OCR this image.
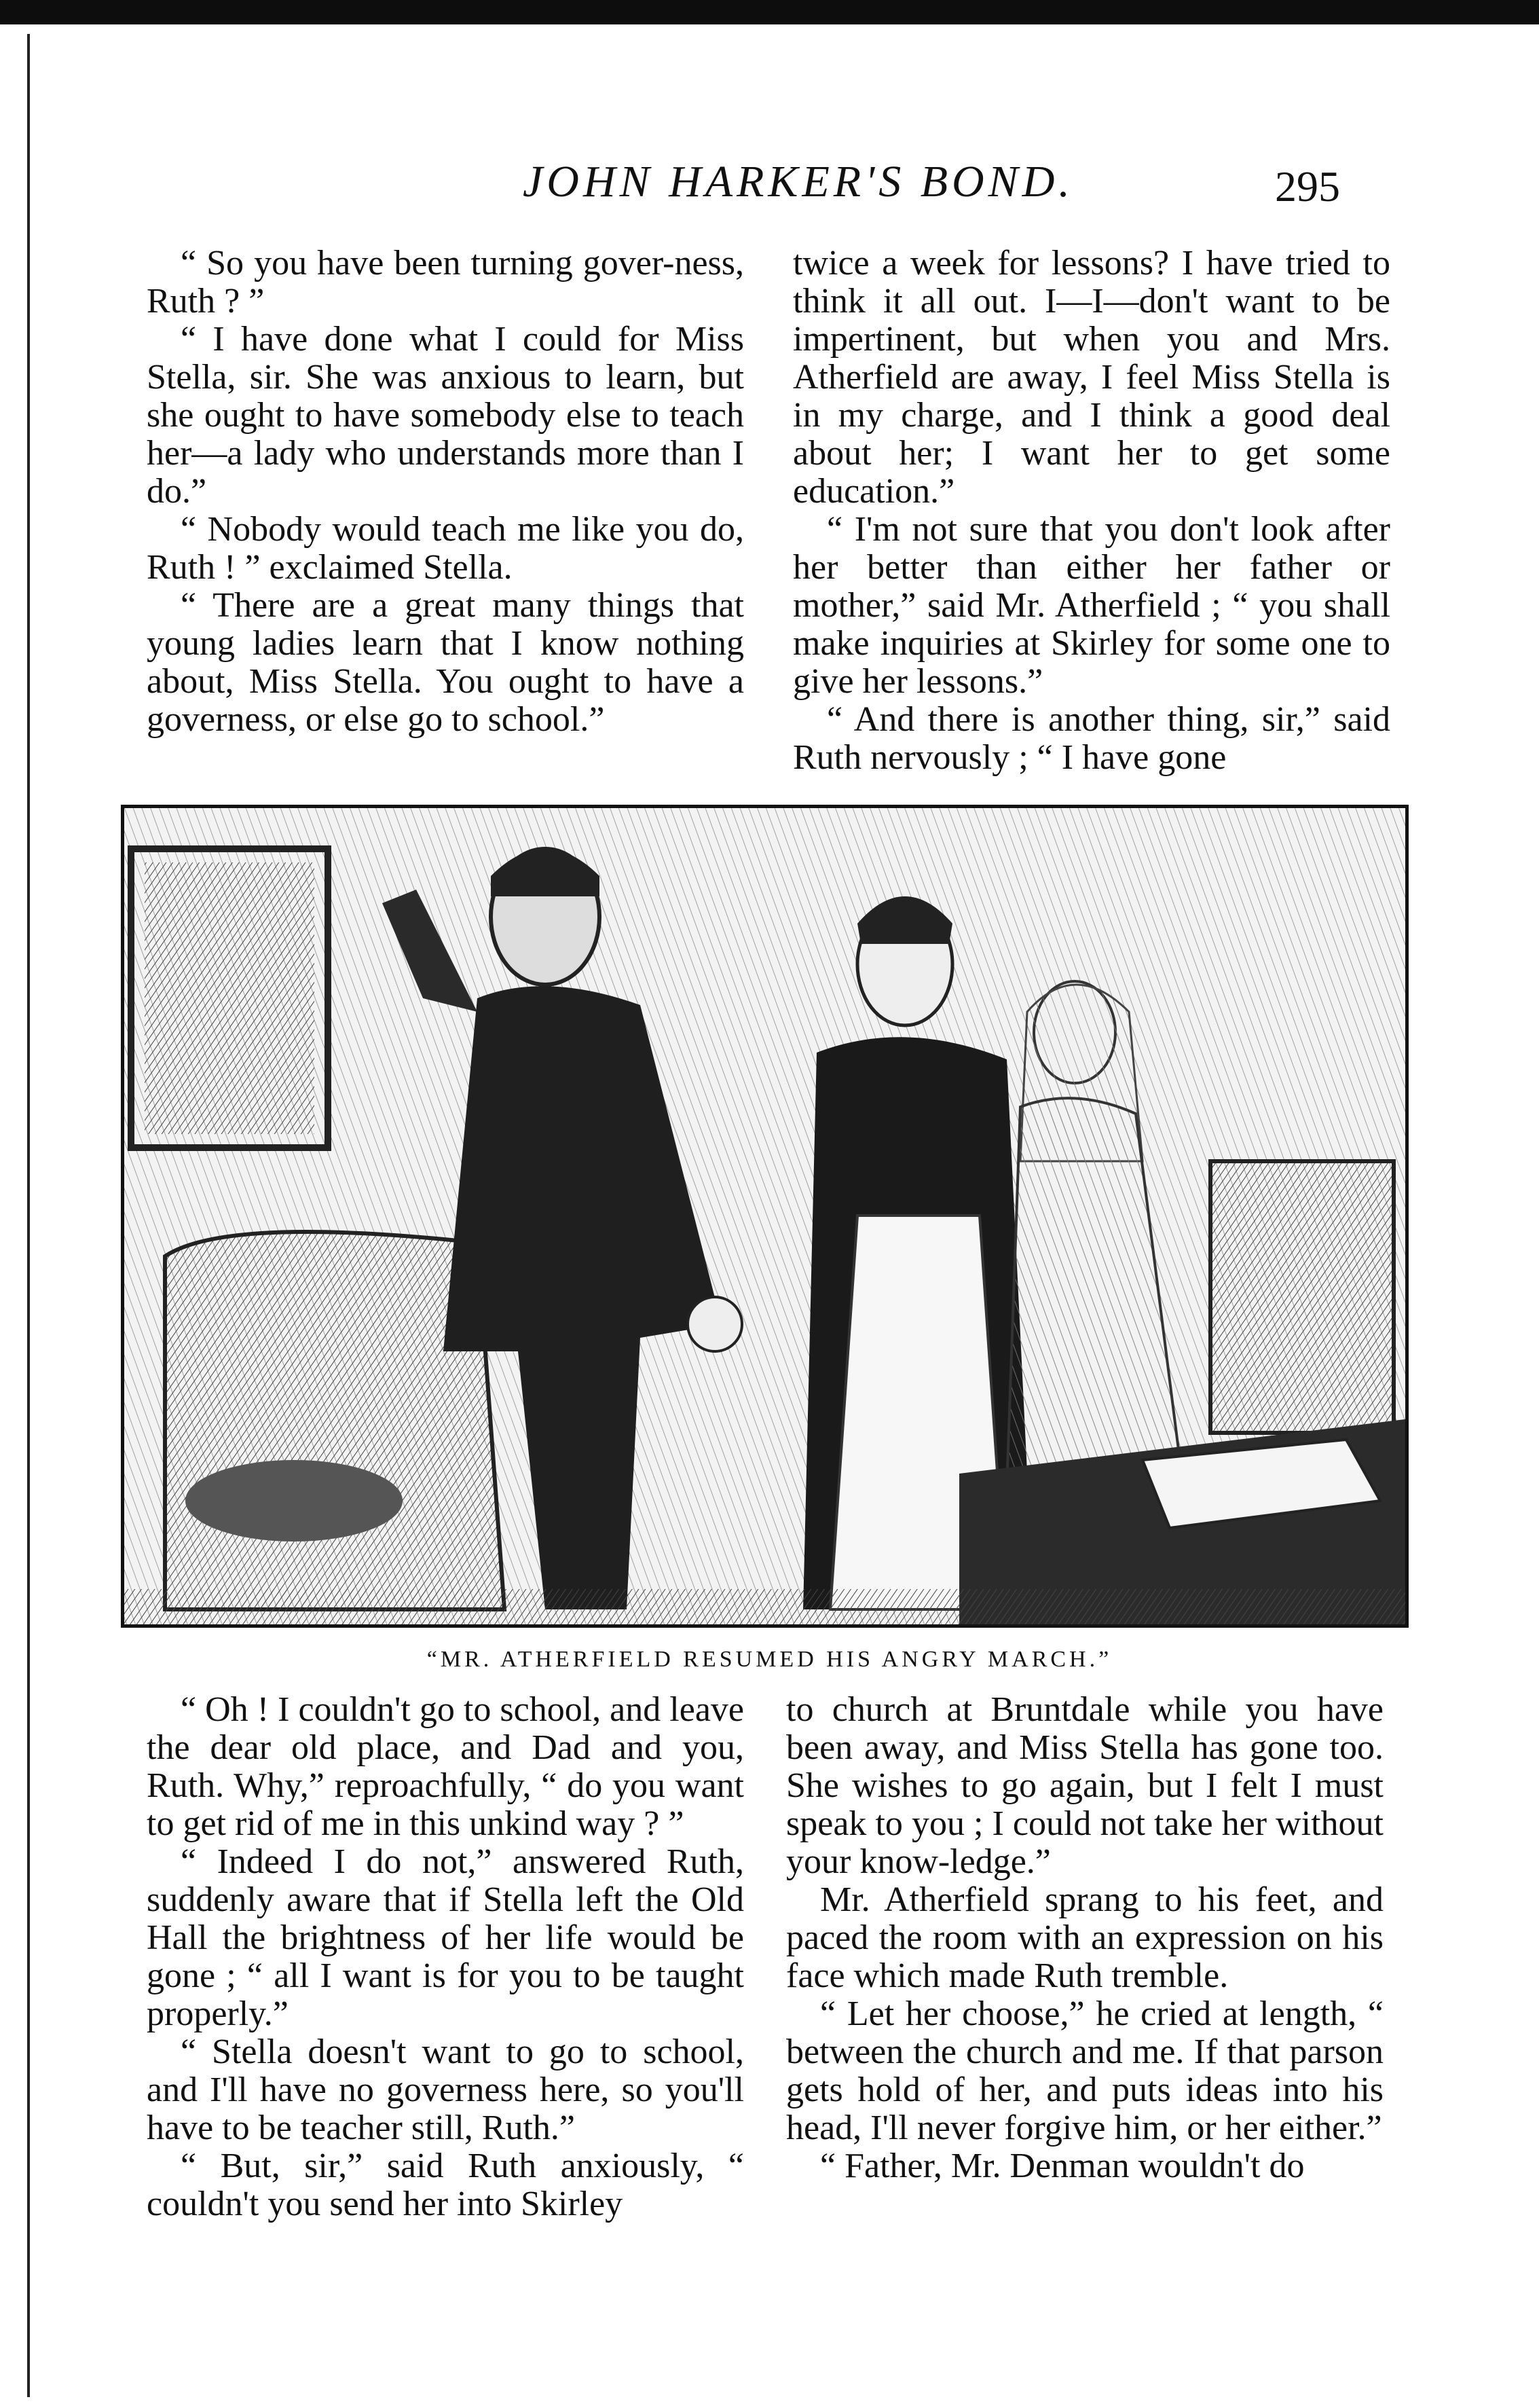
JOHN HARKER'S BOND.	295

“ So you have been turning gover-ness, Ruth ? ”

“ I have done what I could for Miss Stella, sir. She was anxious to learn, but she ought to have somebody else to teach her—a lady who understands more than I do.”

“ Nobody would teach me like you do, Ruth ! ” exclaimed Stella.

“ There are a great many things that young ladies learn that I know nothing about, Miss Stella. You ought to have a governess, or else go to school.”

twice a week for lessons? I have tried to think it all out. I—I—don't want to be impertinent, but when you and Mrs. Atherfield are away, I feel Miss Stella is in my charge, and I think a good deal about her; I want her to get some education.”

“ I'm not sure that you don't look after her better than either her father or mother,” said Mr. Atherfield ; “ you shall make inquiries at Skirley for some one to give her lessons.”

“ And there is another thing, sir,” said Ruth nervously ; “ I have gone

“MR. ATHERFIELD RESUMED HIS ANGRY MARCH.”

“ Oh ! I couldn't go to school, and leave the dear old place, and Dad and you, Ruth. Why,” reproachfully, “ do you want to get rid of me in this unkind way ? ”

“ Indeed I do not,” answered Ruth, suddenly aware that if Stella left the Old Hall the brightness of her life would be gone ; “ all I want is for you to be taught properly.”

“ Stella doesn't want to go to school, and I'll have no governess here, so you'll have to be teacher still, Ruth.”

“ But, sir,” said Ruth anxiously, “ couldn't you send her into Skirley

to church at Bruntdale while you have been away, and Miss Stella has gone too. She wishes to go again, but I felt I must speak to you ; I could not take her without your know-ledge.”

Mr. Atherfield sprang to his feet, and paced the room with an expression on his face which made Ruth tremble.

“ Let her choose,” he cried at length, “ between the church and me. If that parson gets hold of her, and puts ideas into his head, I'll never forgive him, or her either.”

“ Father, Mr. Denman wouldn't do
